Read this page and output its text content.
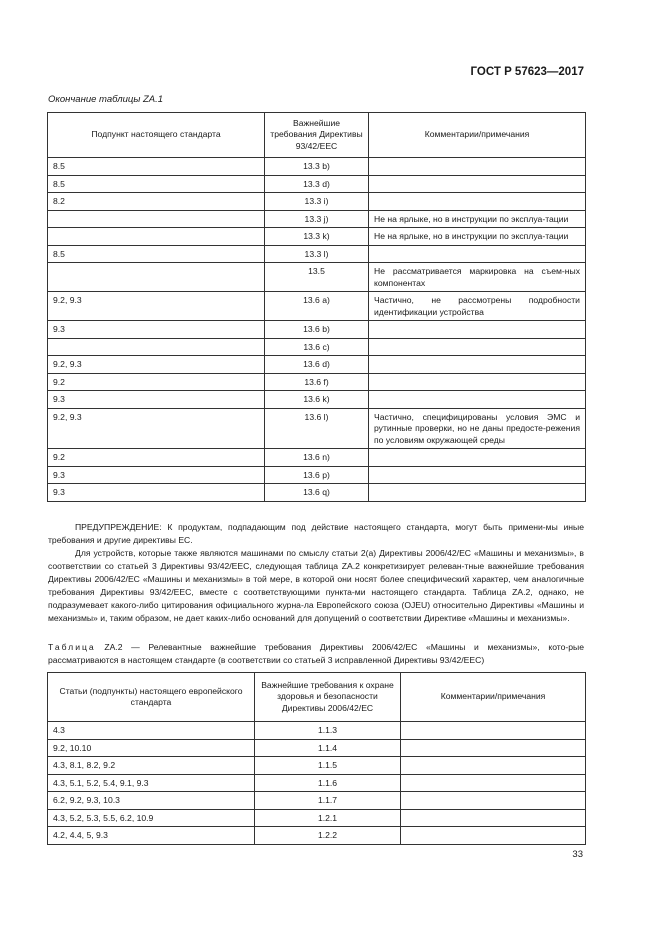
ГОСТ Р 57623—2017
Окончание таблицы ZA.1
Подпункт настоящего стандарта	Важнейшие требования Директивы 93/42/EEC	Комментарии/примечания
8.5	13.3 b)	
8.5	13.3 d)	
8.2	13.3 i)	
	13.3 j)	Не на ярлыке, но в инструкции по эксплуа-тации
	13.3 k)	Не на ярлыке, но в инструкции по эксплуа-тации
8.5	13.3 l)	
	13.5	Не рассматривается маркировка на съем-ных компонентах
9.2, 9.3	13.6 a)	Частично, не рассмотрены подробности идентификации устройства
9.3	13.6 b)	
	13.6 c)	
9.2, 9.3	13.6 d)	
9.2	13.6 f)	
9.3	13.6 k)	
9.2, 9.3	13.6 l)	Частично, специфицированы условия ЭМС и рутинные проверки, но не даны предосте-режения по условиям окружающей среды
9.2	13.6 n)	
9.3	13.6 p)	
9.3	13.6 q)	

ПРЕДУПРЕЖДЕНИЕ: К продуктам, подпадающим под действие настоящего стандарта, могут быть примени-мы иные требования и другие директивы ЕС.

Для устройств, которые также являются машинами по смыслу статьи 2(а) Директивы 2006/42/ЕС «Машины и механизмы», в соответствии со статьей 3 Директивы 93/42/EEC, следующая таблица ZA.2 конкретизирует релеван-тные важнейшие требования Директивы 2006/42/ЕС «Машины и механизмы» в той мере, в которой они носят более специфический характер, чем аналогичные требования Директивы 93/42/EEC, вместе с соответствующими пункта-ми настоящего стандарта. Таблица ZA.2, однако, не подразумевает какого-либо цитирования официального журна-ла Европейского союза (OJEU) относительно Директивы «Машины и механизмы» и, таким образом, не дает каких-либо оснований для допущений о соответствии Директиве «Машины и механизмы».

Таблица ZA.2 — Релевантные важнейшие требования Директивы 2006/42/ЕС «Машины и механизмы», кото-рые рассматриваются в настоящем стандарте (в соответствии со статьей 3 исправленной Директивы 93/42/EEC)
Статьи (подпункты) настоящего европейского стандарта	Важнейшие требования к охране здоровья и безопасности Директивы 2006/42/ЕС	Комментарии/примечания
4.3	1.1.3	
9.2, 10.10	1.1.4	
4.3, 8.1, 8.2, 9.2	1.1.5	
4.3, 5.1, 5.2, 5.4, 9.1, 9.3	1.1.6	
6.2, 9.2, 9.3, 10.3	1.1.7	
4.3, 5.2, 5.3, 5.5, 6.2, 10.9	1.2.1	
4.2, 4.4, 5, 9.3	1.2.2	
33
